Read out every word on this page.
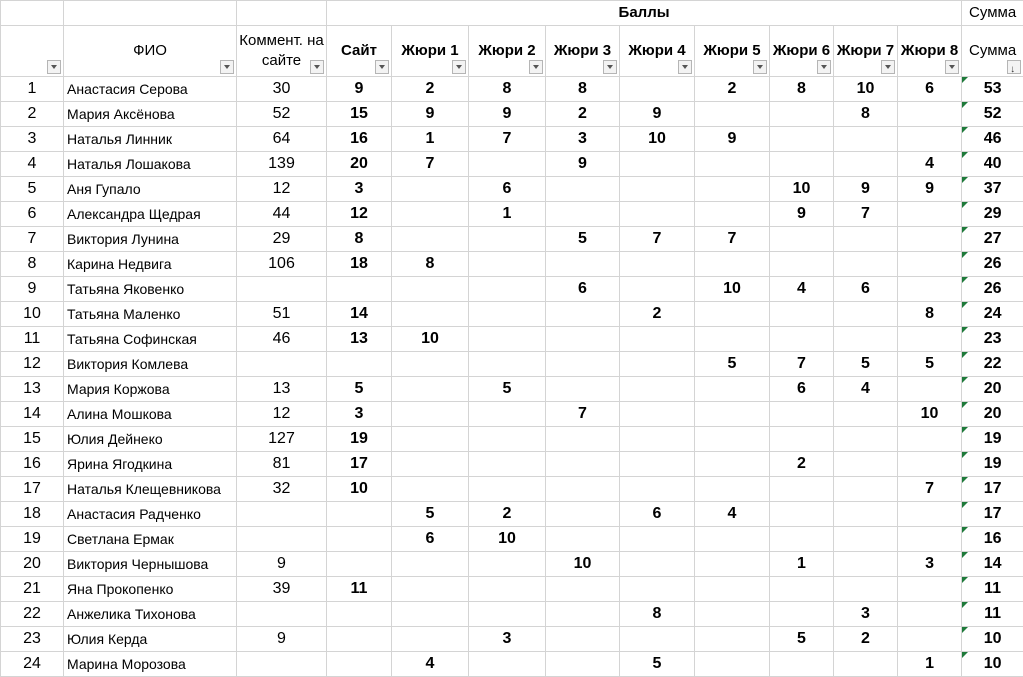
			Баллы									Сумма

	ФИО	Коммент. на сайте	Сайт	Жюри 1	Жюри 2	Жюри 3	Жюри 4	Жюри 5	Жюри 6	Жюри 7	Жюри 8	Сумма
↓

1	Анастасия Серова	30	9	2	8	8		2	8	10	6	53
2	Мария Аксёнова	52	15	9	9	2	9			8		52
3	Наталья Линник	64	16	1	7	3	10	9				46
4	Наталья Лошакова	139	20	7		9					4	40
5	Аня Гупало	12	3		6				10	9	9	37
6	Александра Щедрая	44	12		1				9	7		29
7	Виктория Лунина	29	8			5	7	7				27
8	Карина Недвига	106	18	8								26
9	Татьяна Яковенко					6		10	4	6		26
10	Татьяна Маленко	51	14				2				8	24
11	Татьяна Софинская	46	13	10								23
12	Виктория Комлева							5	7	5	5	22
13	Мария Коржова	13	5		5				6	4		20
14	Алина Мошкова	12	3			7					10	20
15	Юлия Дейнеко	127	19									19
16	Ярина Ягодкина	81	17						2			19
17	Наталья Клещевникова	32	10								7	17
18	Анастасия Радченко			5	2		6	4				17
19	Светлана Ермак			6	10							16
20	Виктория Чернышова	9				10			1		3	14
21	Яна Прокопенко	39	11									11
22	Анжелика Тихонова						8			3		11
23	Юлия Керда	9			3				5	2		10
24	Марина Морозова			4			5				1	10
